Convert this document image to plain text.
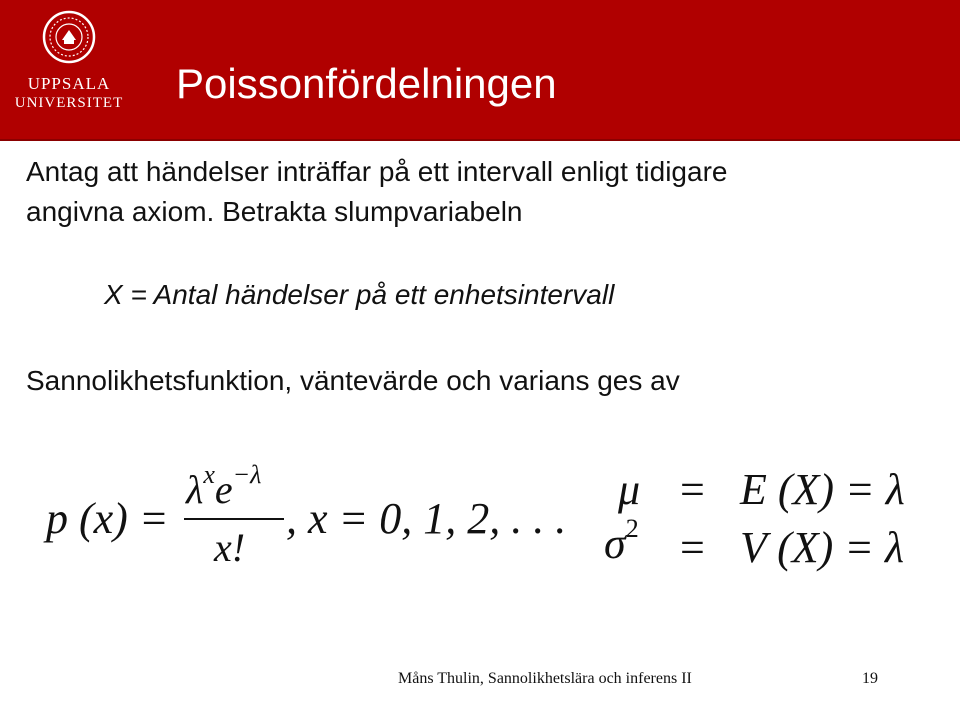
UPPSALA
UNIVERSITET Poissonfördelningen
Antag att händelser inträffar på ett intervall enligt tidigare
angivna axiom. Betrakta slumpvariabeln
X = Antal händelser på ett enhetsintervall
Sannolikhetsfunktion, väntevärde och varians ges av
p (x) =
$\lambda^xe^{-\lambda}$
x!
, x = 0, 1, 2, . . .
μ = E (X) = λ
$\sigma^2 = V$ (X) = λ
Måns Thulin, Sannolikhetslära och inferens II	19
